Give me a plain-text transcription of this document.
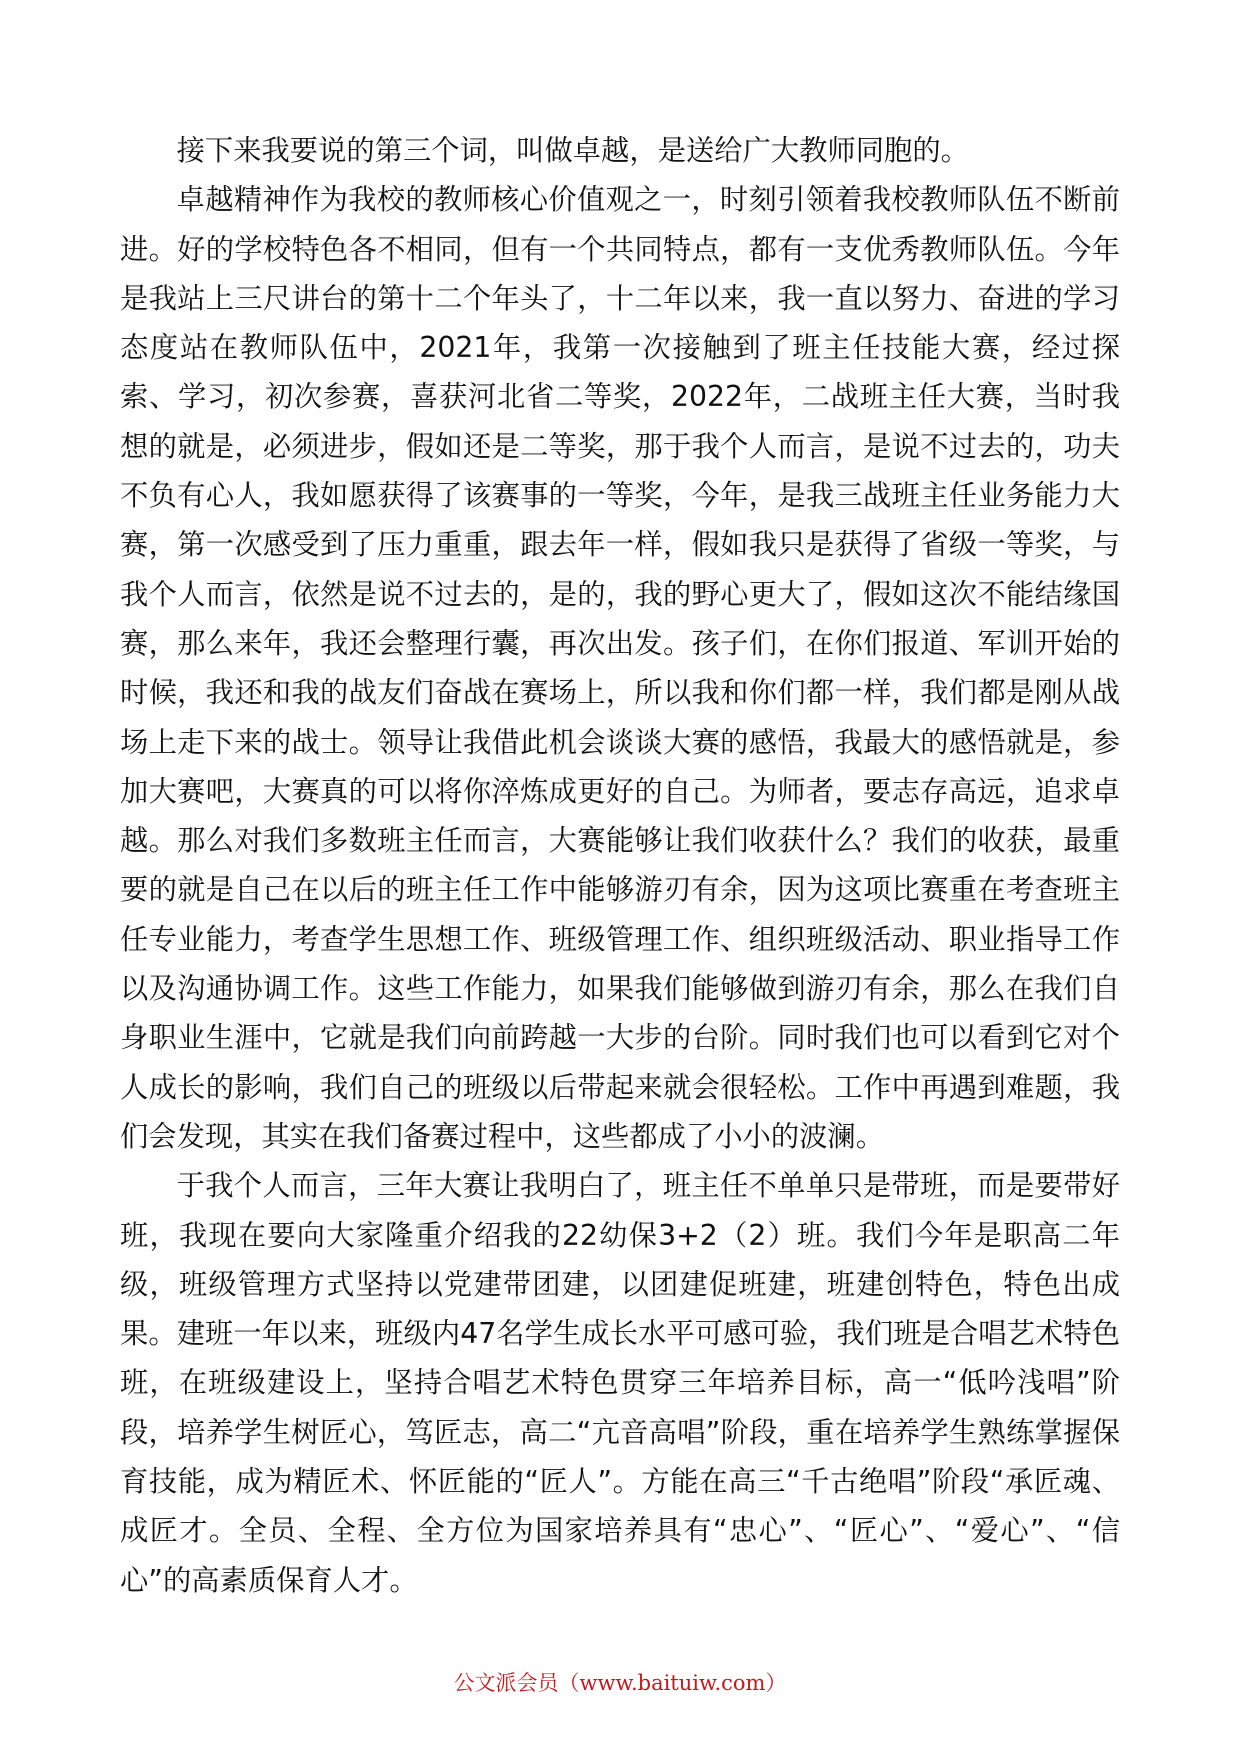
接下来我要说的第三个词，叫做卓越，是送给广大教师同胞的。

卓越精神作为我校的教师核心价值观之一，时刻引领着我校教师队伍不断前进。好的学校特色各不相同，但有一个共同特点，都有一支优秀教师队伍。今年是我站上三尺讲台的第十二个年头了，十二年以来，我一直以努力、奋进的学习态度站在教师队伍中，2021年，我第一次接触到了班主任技能大赛，经过探索、学习，初次参赛，喜获河北省二等奖，2022年，二战班主任大赛，当时我想的就是，必须进步，假如还是二等奖，那于我个人而言，是说不过去的，功夫不负有心人，我如愿获得了该赛事的一等奖，今年，是我三战班主任业务能力大赛，第一次感受到了压力重重，跟去年一样，假如我只是获得了省级一等奖，与我个人而言，依然是说不过去的，是的，我的野心更大了，假如这次不能结缘国赛，那么来年，我还会整理行囊，再次出发。孩子们，在你们报道、军训开始的时候，我还和我的战友们奋战在赛场上，所以我和你们都一样，我们都是刚从战场上走下来的战士。领导让我借此机会谈谈大赛的感悟，我最大的感悟就是，参加大赛吧，大赛真的可以将你淬炼成更好的自己。为师者，要志存高远，追求卓越。那么对我们多数班主任而言，大赛能够让我们收获什么？我们的收获，最重要的就是自己在以后的班主任工作中能够游刃有余，因为这项比赛重在考查班主任专业能力，考查学生思想工作、班级管理工作、组织班级活动、职业指导工作以及沟通协调工作。这些工作能力，如果我们能够做到游刃有余，那么在我们自身职业生涯中，它就是我们向前跨越一大步的台阶。同时我们也可以看到它对个人成长的影响，我们自己的班级以后带起来就会很轻松。工作中再遇到难题，我们会发现，其实在我们备赛过程中，这些都成了小小的波澜。

于我个人而言，三年大赛让我明白了，班主任不单单只是带班，而是要带好班，我现在要向大家隆重介绍我的22幼保3+2（2）班。我们今年是职高二年级，班级管理方式坚持以党建带团建，以团建促班建，班建创特色，特色出成果。建班一年以来，班级内47名学生成长水平可感可验，我们班是合唱艺术特色班，在班级建设上，坚持合唱艺术特色贯穿三年培养目标，高一“低吟浅唱”阶段，培养学生树匠心，笃匠志，高二“亢音高唱”阶段，重在培养学生熟练掌握保育技能，成为精匠术、怀匠能的“匠人”。方能在高三“千古绝唱”阶段“承匠魂、成匠才。全员、全程、全方位为国家培养具有“忠心”、“匠心”、“爱心”、“信心”的高素质保育人才。

公文派会员（www.baituiw.com）
